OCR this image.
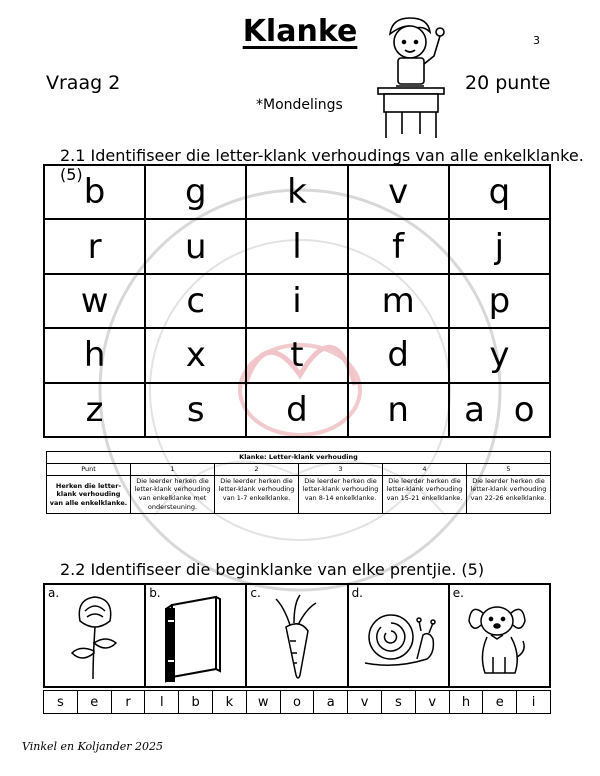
Klanke	3
Vraag 2	20 punte
*Mondelings
2.1 Identifiseer die letter-klank verhoudings van alle enkelklanke. (5) b	g	k	v	q
r	u	l	f	j
w	c	i	m	p
h	x	t	d	y
z	s	d	n	a o
Klanke: Letter-klank verhouding					
Punt	1	2	3	4	5
Herken die letter-klank verhouding van alle enkelklanke.	Die leerder herken die letter-klank verhouding van enkelklanke met ondersteuning.	Die leerder herken die letter-klank verhouding van 1-7 enkelklanke.	Die leerder herken die letter-klank verhouding van 8-14 enkelklanke.	Die leerder herken die letter-klank verhouding van 15-21 enkelklanke.	Die leerder herken die letter-klank verhouding van 22-26 enkelklanke.
2.2 Identifiseer die beginklanke van elke prentjie. (5)
a.	b.	c.	d.	e.
s	e	r	l	b	k	w	o	a	v	s	v	h	e	i
Vinkel en Koljander 2025
